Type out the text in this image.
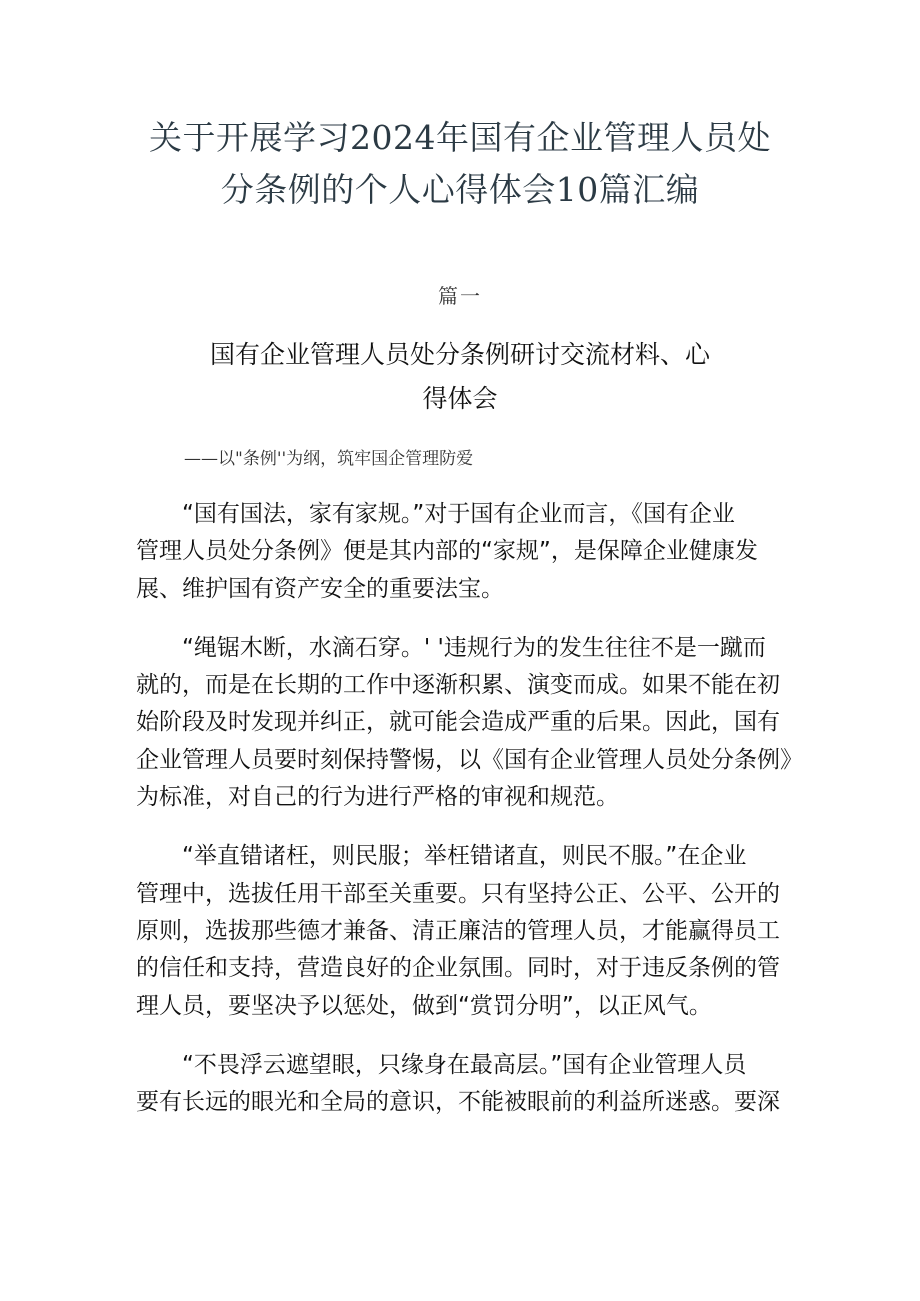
关于开展学习2024年国有企业管理人员处
分条例的个人心得体会10篇汇编
篇一
国有企业管理人员处分条例研讨交流材料、心
得体会
——以"条例''为纲，筑牢国企管理防爱
“国有国法，家有家规。”对于国有企业而言，《国有企业
管理人员处分条例》便是其内部的“家规”，是保障企业健康发
展、维护国有资产安全的重要法宝。
“绳锯木断，水滴石穿。' '违规行为的发生往往不是一蹴而
就的，而是在长期的工作中逐渐积累、演变而成。如果不能在初
始阶段及时发现并纠正，就可能会造成严重的后果。因此，国有
企业管理人员要时刻保持警惕，以《国有企业管理人员处分条例》
为标准，对自己的行为进行严格的审视和规范。
“举直错诸枉，则民服；举枉错诸直，则民不服。”在企业
管理中，选拔任用干部至关重要。只有坚持公正、公平、公开的
原则，选拔那些德才兼备、清正廉洁的管理人员，才能赢得员工
的信任和支持，营造良好的企业氛围。同时，对于违反条例的管
理人员，要坚决予以惩处，做到“赏罚分明”，以正风气。
“不畏浮云遮望眼，只缘身在最高层。”国有企业管理人员
要有长远的眼光和全局的意识，不能被眼前的利益所迷惑。要深
